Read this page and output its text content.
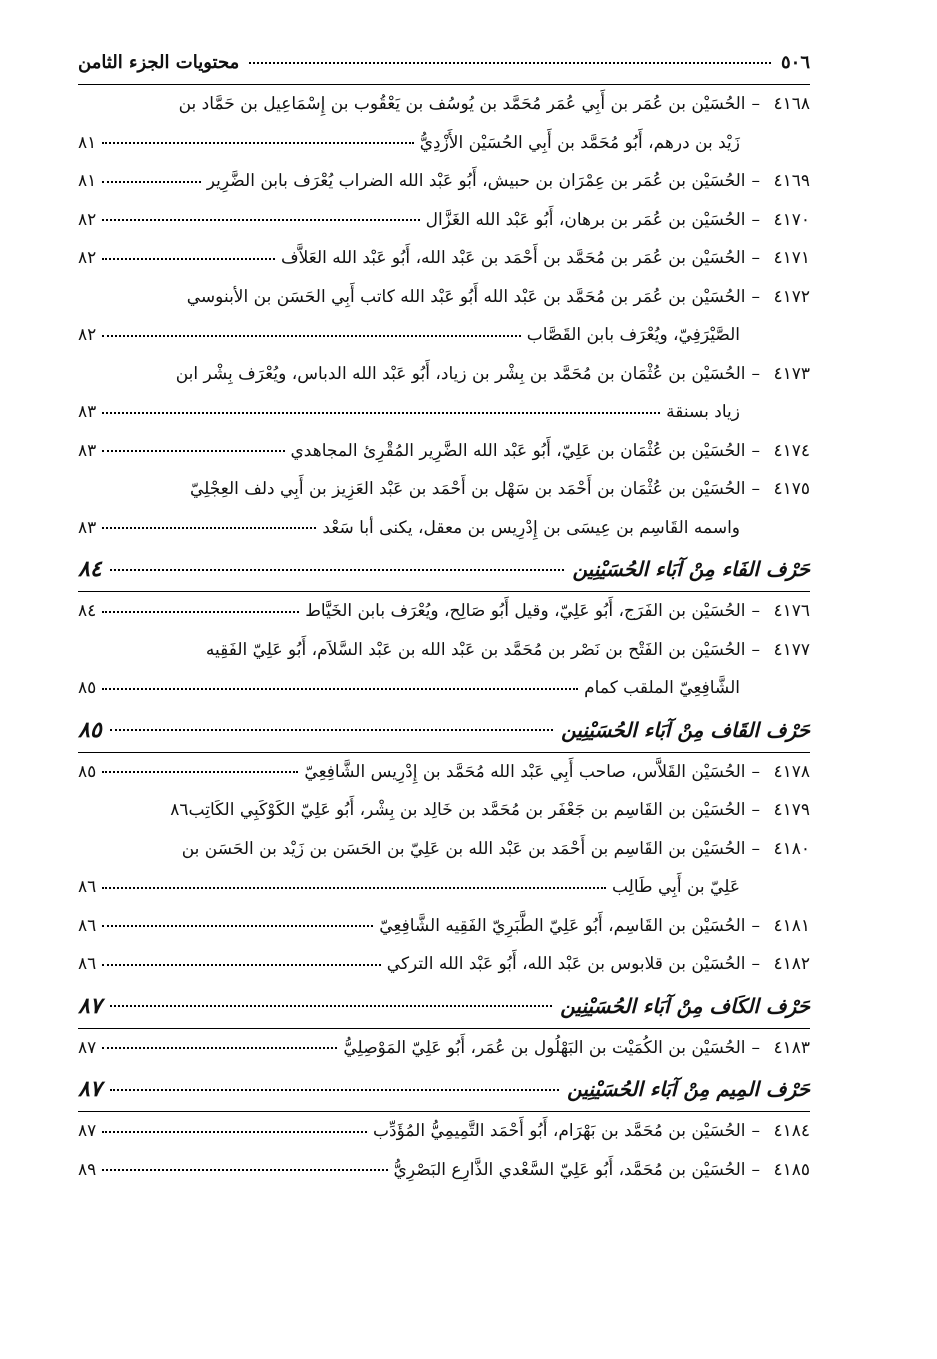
٥٠٦
محتويات الجزء الثامن
٤١٦٨–الحُسَيْن بن عُمَر بن أَبِي عُمَر مُحَمَّد بن يُوسُف بن يَعْقُوب بن إِسْمَاعِيل بن حَمَّاد بن
زَيْد بن درهم، أَبُو مُحَمَّد بن أَبِي الحُسَيْن الأَزْدِيُّ
٨١
٤١٦٩–الحُسَيْن بن عُمَر بن عِمْرَان بن حبيش، أَبُو عَبْد الله الضراب يُعْرَف بابن الضَّرِير
٨١
٤١٧٠–الحُسَيْن بن عُمَر بن برهان، أَبُو عَبْد الله الغَزَّال
٨٢
٤١٧١–الحُسَيْن بن عُمَر بن مُحَمَّد بن أَحْمَد بن عَبْد الله، أَبُو عَبْد الله العَلاَّف
٨٢
٤١٧٢–الحُسَيْن بن عُمَر بن مُحَمَّد بن عَبْد الله أَبُو عَبْد الله كاتب أَبِي الحَسَن بن الأبنوسي
الصَّيْرَفِيّ، ويُعْرَف بابن القَصَّاب
٨٢
٤١٧٣–الحُسَيْن بن عُثْمَان بن مُحَمَّد بن بِشْر بن زياد، أَبُو عَبْد الله الدباس، ويُعْرَف بِشْر ابن
زياد بسنقة
٨٣
٤١٧٤–الحُسَيْن بن عُثْمَان بن عَلِيّ، أَبُو عَبْد الله الضَّرِير المُقْرِئ المجاهدي
٨٣
٤١٧٥–الحُسَيْن بن عُثْمَان بن أَحْمَد بن سَهْل بن أَحْمَد بن عَبْد العَزِيز بن أَبِي دلف العِجْلِيّ
واسمه القَاسِم بن عِيسَى بن إِدْرِيس بن معقل، يكنى أبا سَعْد
٨٣
حَرْف الفَاء مِنْ آبَاء الحُسَيْنِين
٨٤
٤١٧٦–الحُسَيْن بن الفَرَج، أَبُو عَلِيّ، وقيل أَبُو صَالِح، ويُعْرَف بابن الخَيَّاط
٨٤
٤١٧٧–الحُسَيْن بن الفَتْح بن نَصْر بن مُحَمَّد بن عَبْد الله بن عَبْد السَّلاَم، أَبُو عَلِيّ الفَقِيه
الشَّافِعِيّ الملقب كمام
٨٥
حَرْف القَاف مِنْ آبَاء الحُسَيْنِين
٨٥
٤١٧٨–الحُسَيْن القَلاَّس، صاحب أَبِي عَبْد الله مُحَمَّد بن إِدْرِيس الشَّافِعِيّ
٨٥
٤١٧٩–الحُسَيْن بن القَاسِم بن جَعْفَر بن مُحَمَّد بن خَالِد بن بِشْر، أَبُو عَلِيّ الكَوْكَبِي الكَاتِب
٨٦
٤١٨٠–الحُسَيْن بن القَاسِم بن أَحْمَد بن عَبْد الله بن عَلِيّ بن الحَسَن بن زَيْد بن الحَسَن بن
عَلِيّ بن أَبِي طَالِب
٨٦
٤١٨١–الحُسَيْن بن القَاسِم، أَبُو عَلِيّ الطَّبَرِيّ الفَقِيه الشَّافِعِيّ
٨٦
٤١٨٢–الحُسَيْن بن قلابوس بن عَبْد الله، أَبُو عَبْد الله التركي
٨٦
حَرْف الكَاف مِنْ آبَاء الحُسَيْنِين
٨٧
٤١٨٣–الحُسَيْن بن الكُمَيْت بن البَهْلُول بن عُمَر، أَبُو عَلِيّ المَوْصِلِيُّ
٨٧
حَرْف المِيم مِنْ آبَاء الحُسَيْنِين
٨٧
٤١٨٤–الحُسَيْن بن مُحَمَّد بن بَهْرَام، أَبُو أَحْمَد التَّمِيمِيُّ المُؤَدِّب
٨٧
٤١٨٥–الحُسَيْن بن مُحَمَّد، أَبُو عَلِيّ السَّعْدي الذَّارِع البَصْرِيُّ
٨٩
